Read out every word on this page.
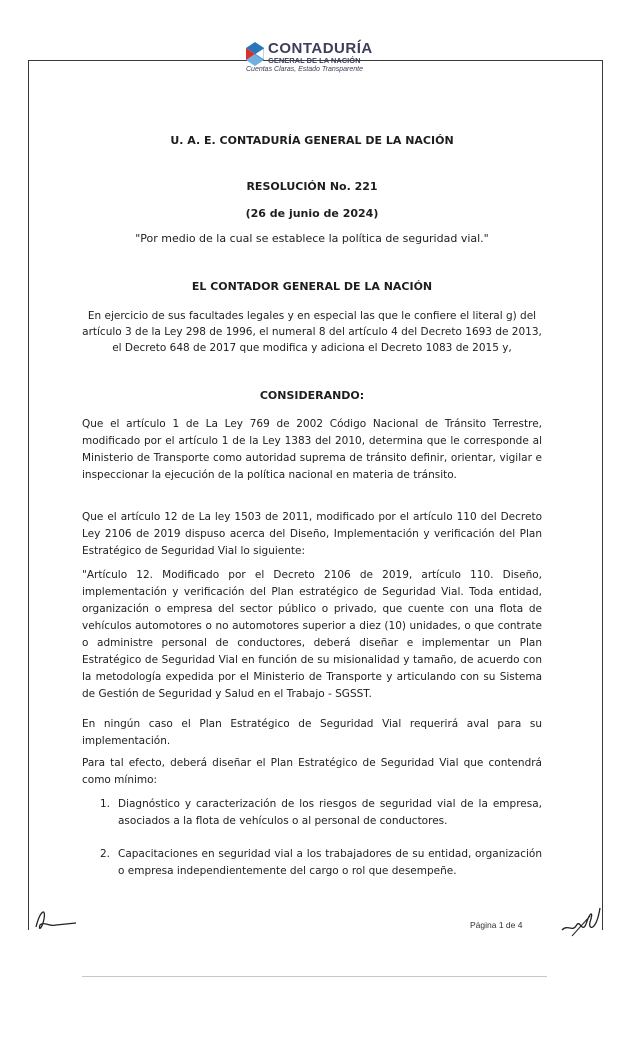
CONTADURÍA
GENERAL DE LA NACIÓN
Cuentas Claras, Estado Transparente
U. A. E. CONTADURÍA GENERAL DE LA NACIÓN
RESOLUCIÓN No. 221
(26 de junio de 2024)
"Por medio de la cual se establece la política de seguridad vial."
EL CONTADOR GENERAL DE LA NACIÓN
En ejercicio de sus facultades legales y en especial las que le confiere el literal g) del artículo 3 de la Ley 298 de 1996, el numeral 8 del artículo 4 del Decreto 1693 de 2013, el Decreto 648 de 2017 que modifica y adiciona el Decreto 1083 de 2015 y,
CONSIDERANDO:
Que el artículo 1 de La Ley 769 de 2002 Código Nacional de Tránsito Terrestre, modificado por el artículo 1 de la Ley 1383 del 2010, determina que le corresponde al Ministerio de Transporte como autoridad suprema de tránsito definir, orientar, vigilar e inspeccionar la ejecución de la política nacional en materia de tránsito.
Que el artículo 12 de La ley 1503 de 2011, modificado por el artículo 110 del Decreto Ley 2106 de 2019 dispuso acerca del Diseño, Implementación y verificación del Plan Estratégico de Seguridad Vial lo siguiente:
"Artículo 12. Modificado por el Decreto 2106 de 2019, artículo 110. Diseño, implementación y verificación del Plan estratégico de Seguridad Vial. Toda entidad, organización o empresa del sector público o privado, que cuente con una flota de vehículos automotores o no automotores superior a diez (10) unidades, o que contrate o administre personal de conductores, deberá diseñar e implementar un Plan Estratégico de Seguridad Vial en función de su misionalidad y tamaño, de acuerdo con la metodología expedida por el Ministerio de Transporte y articulando con su Sistema de Gestión de Seguridad y Salud en el Trabajo - SGSST.
En ningún caso el Plan Estratégico de Seguridad Vial requerirá aval para su implementación.
Para tal efecto, deberá diseñar el Plan Estratégico de Seguridad Vial que contendrá como mínimo:
1. Diagnóstico y caracterización de los riesgos de seguridad vial de la empresa, asociados a la flota de vehículos o al personal de conductores.
2. Capacitaciones en seguridad vial a los trabajadores de su entidad, organización o empresa independientemente del cargo o rol que desempeñe.
Página 1 de 4
